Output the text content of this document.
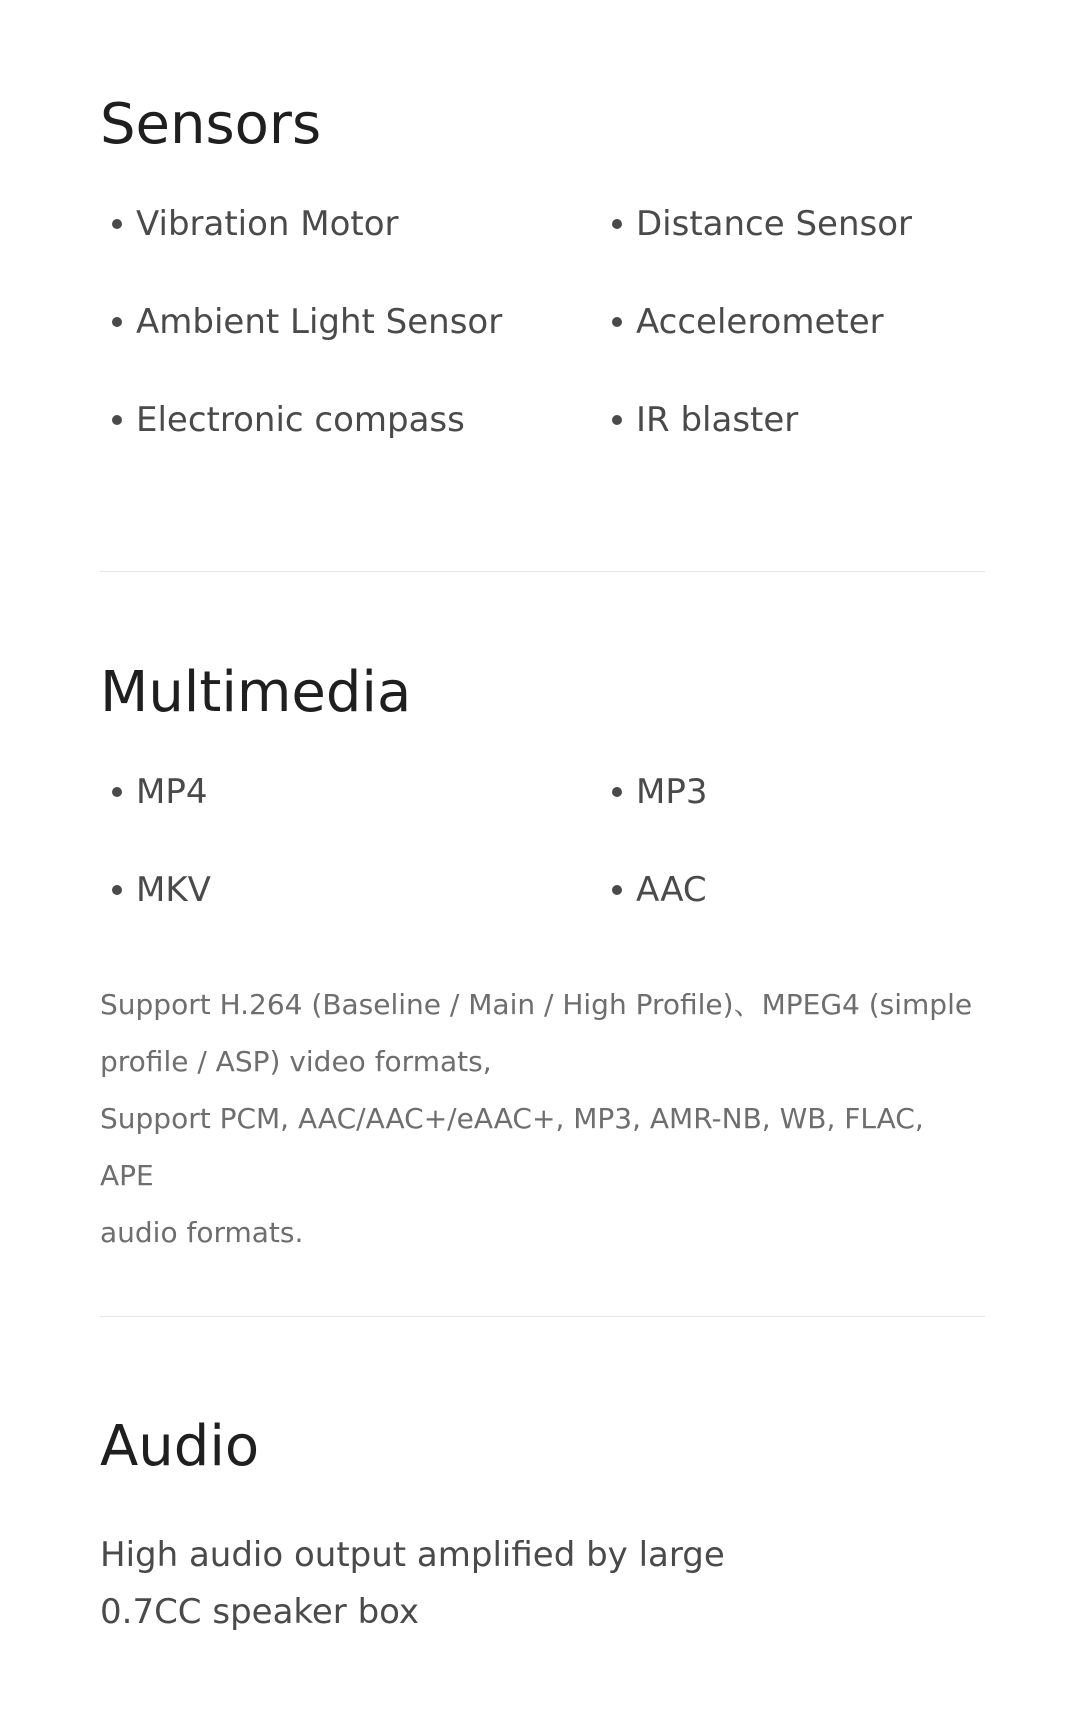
Sensors
Vibration Motor	Distance Sensor
Ambient Light Sensor	Accelerometer
Electronic compass	IR blaster
Multimedia
MP4	MP3
MKV	AAC
Support H.264 (Baseline / Main / High Profile)、MPEG4 (simple
profile / ASP) video formats,
Support PCM, AAC/AAC+/eAAC+, MP3, AMR-NB, WB, FLAC, APE
audio formats.
Audio
High audio output amplified by large
0.7CC speaker box
